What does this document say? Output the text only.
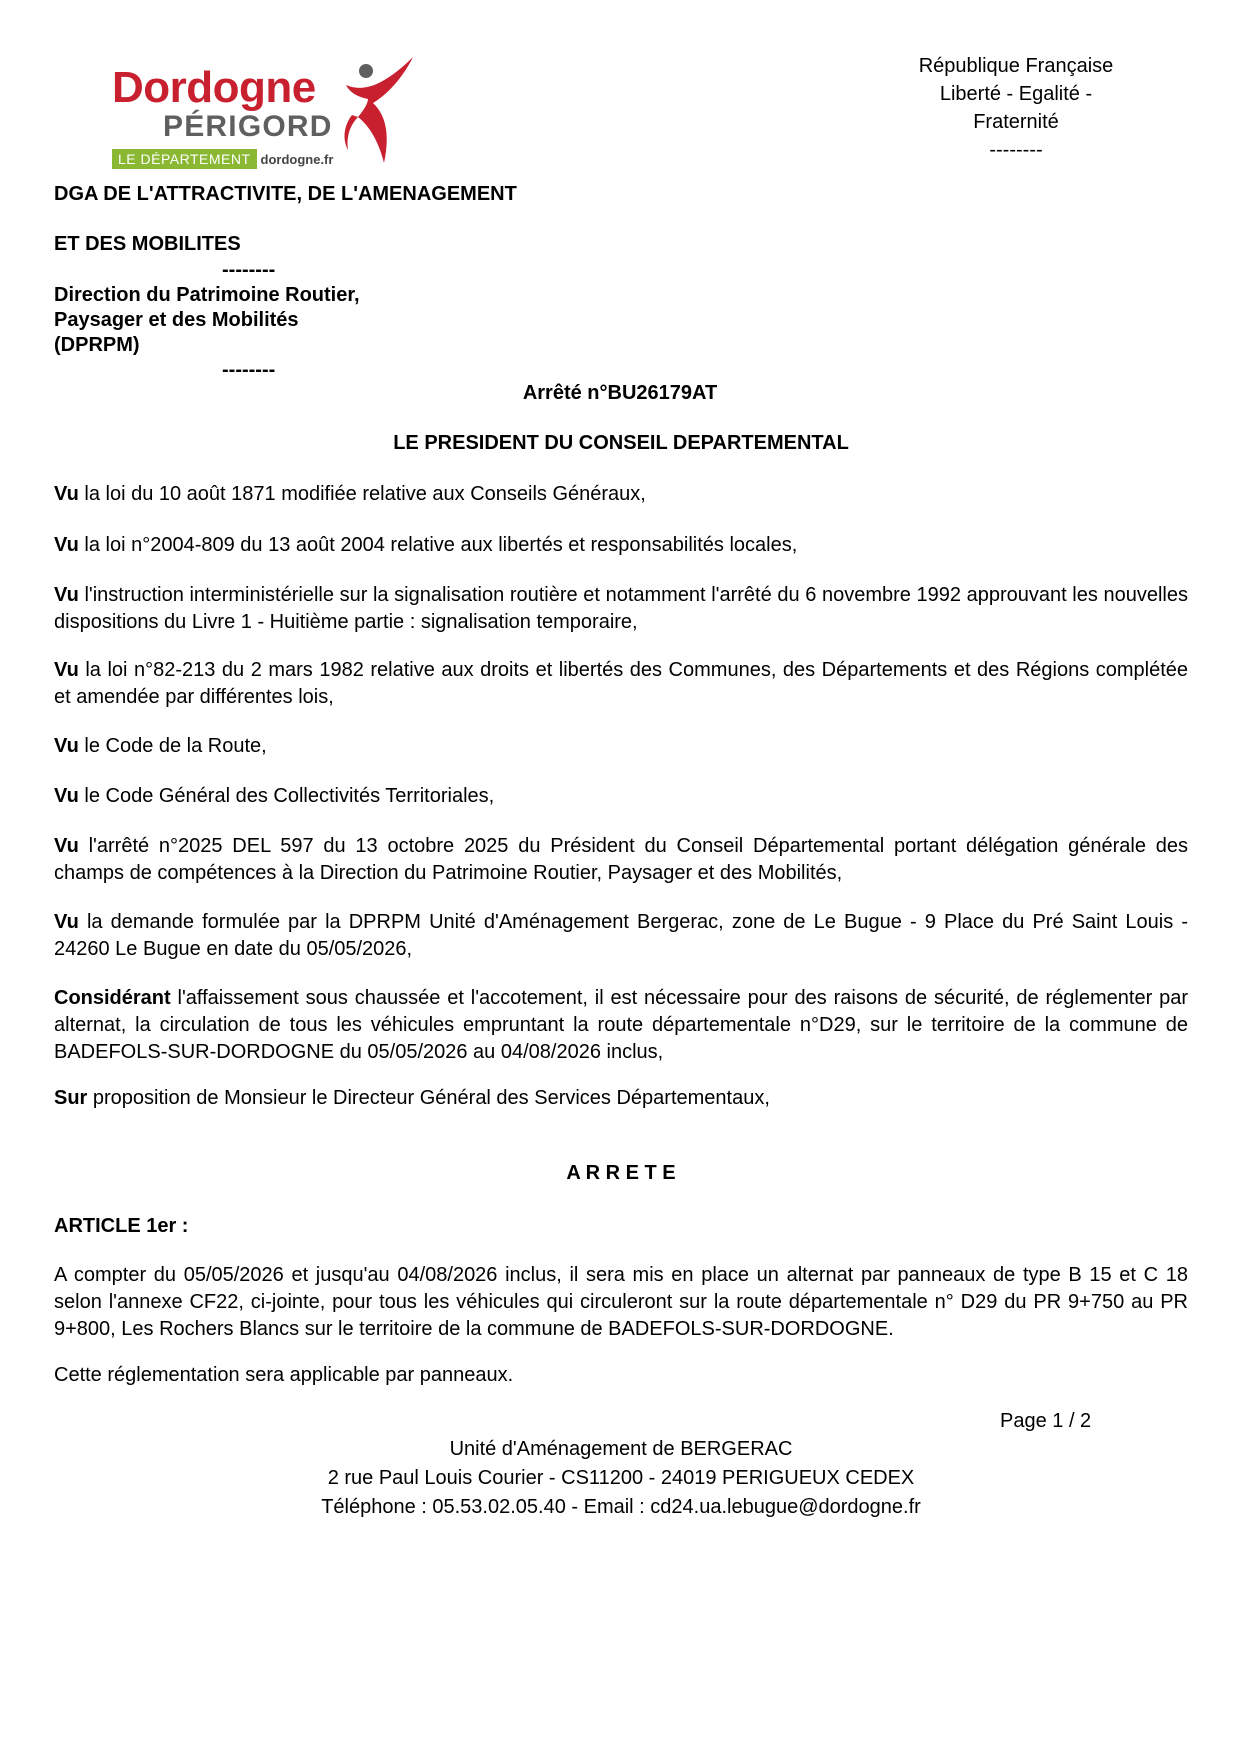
Dordogne
PÉRIGORD
LE DÉPARTEMENT dordogne.fr
République Française
Liberté - Egalité - Fraternité
--------
DGA DE L'ATTRACTIVITE, DE L'AMENAGEMENT
ET DES MOBILITES
--------
Direction du Patrimoine Routier,
Paysager et des Mobilités
(DPRPM)
--------
Arrêté n°BU26179AT
LE PRESIDENT DU CONSEIL DEPARTEMENTAL
Vu la loi du 10 août 1871 modifiée relative aux Conseils Généraux,
Vu la loi n°2004-809 du 13 août 2004 relative aux libertés et responsabilités locales,
Vu l'instruction interministérielle sur la signalisation routière et notamment l'arrêté du 6 novembre 1992 approuvant les nouvelles dispositions du Livre 1 - Huitième partie : signalisation temporaire,
Vu la loi n°82-213 du 2 mars 1982 relative aux droits et libertés des Communes, des Départements et des Régions complétée et amendée par différentes lois,
Vu le Code de la Route,
Vu le Code Général des Collectivités Territoriales,
Vu l'arrêté n°2025 DEL 597 du 13 octobre 2025 du Président du Conseil Départemental portant délégation générale des champs de compétences à la Direction du Patrimoine Routier, Paysager et des Mobilités,
Vu la demande formulée par la DPRPM Unité d'Aménagement Bergerac, zone de Le Bugue - 9 Place du Pré Saint Louis - 24260 Le Bugue en date du 05/05/2026,
Considérant l'affaissement sous chaussée et l'accotement, il est nécessaire pour des raisons de sécurité, de réglementer par alternat, la circulation de tous les véhicules empruntant la route départementale n°D29, sur le territoire de la commune de BADEFOLS-SUR-DORDOGNE du 05/05/2026 au 04/08/2026 inclus,
Sur proposition de Monsieur le Directeur Général des Services Départementaux,
A R R E T E
ARTICLE 1er :
A compter du 05/05/2026 et jusqu'au 04/08/2026 inclus, il sera mis en place un alternat par panneaux de type B 15 et C 18 selon l'annexe CF22, ci-jointe, pour tous les véhicules qui circuleront sur la route départementale n° D29 du PR 9+750 au PR 9+800, Les Rochers Blancs sur le territoire de la commune de BADEFOLS-SUR-DORDOGNE.
Cette réglementation sera applicable par panneaux.
Page 1 / 2
Unité d'Aménagement de BERGERAC
2 rue Paul Louis Courier - CS11200 - 24019 PERIGUEUX CEDEX
Téléphone : 05.53.02.05.40 - Email : cd24.ua.lebugue@dordogne.fr
